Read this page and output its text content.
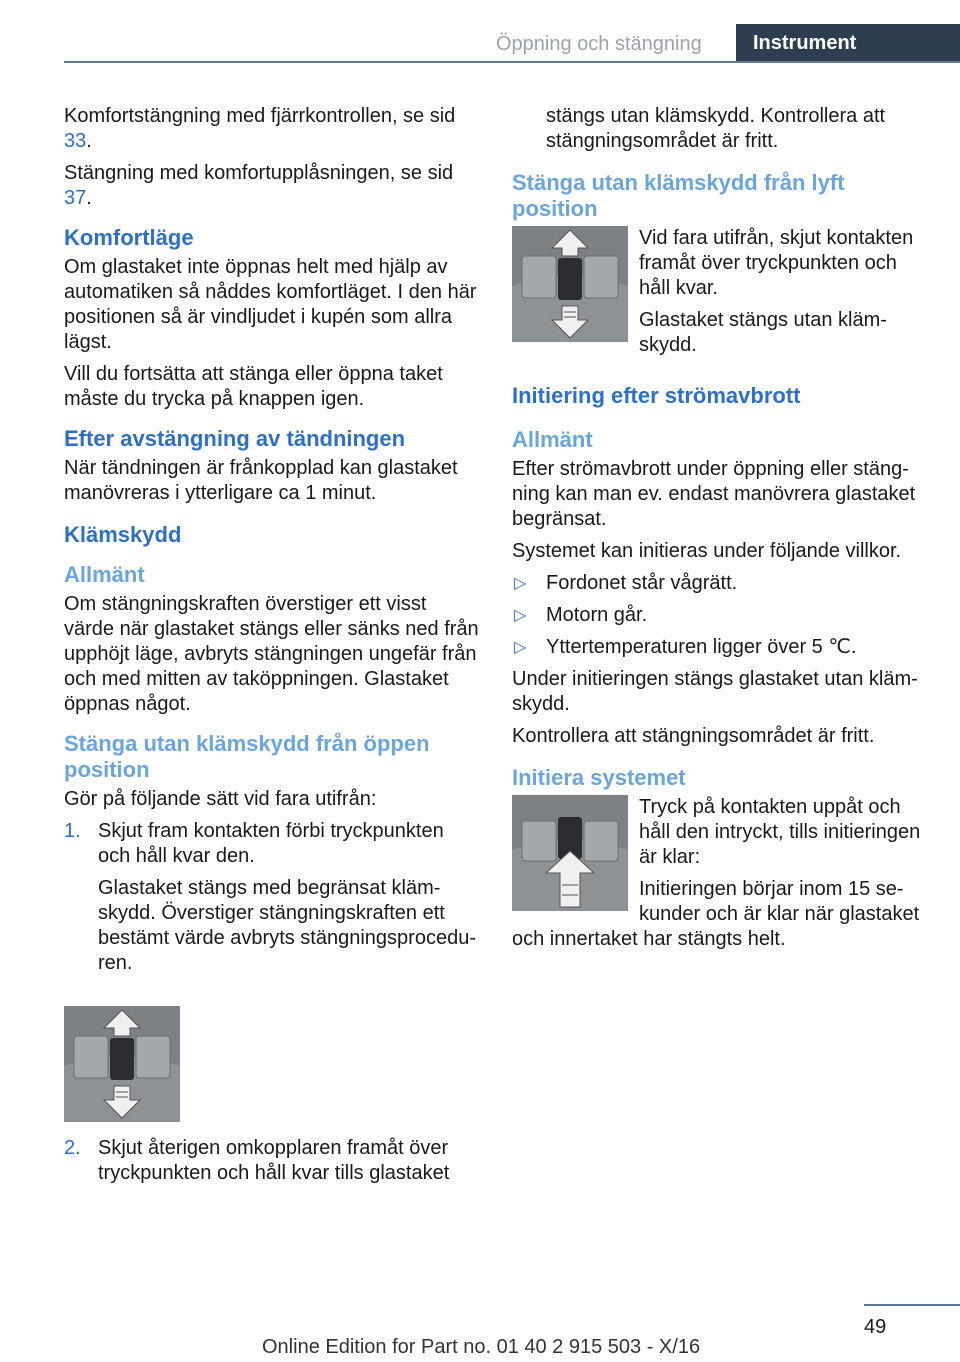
Öppning och stängning	Instrument

Komfortstängning med fjärrkontrollen, se sid 33.

Stängning med komfortupplåsningen, se sid 37.

Komfortläge

Om glastaket inte öppnas helt med hjälp av automatiken så nåddes komfortläget. I den här positionen så är vindljudet i kupén som allra lägst.

Vill du fortsätta att stänga eller öppna taket måste du trycka på knappen igen.

Efter avstängning av tändningen

När tändningen är frånkopplad kan glastaket manövreras i ytterligare ca 1 minut.

Klämskydd
Allmänt

Om stängningskraften överstiger ett visst värde när glastaket stängs eller sänks ned från upphöjt läge, avbryts stängningen ungefär från och med mitten av taköppningen. Glastaket öppnas något.

Stänga utan klämskydd från öppen position

Gör på följande sätt vid fara utifrån:

1. Skjut fram kontakten förbi tryckpunkten och håll kvar den.

Glastaket stängs med begränsat klämskydd. Överstiger stängningskraften ett bestämt värde avbryts stängningsproceduren.

2. Skjut återigen omkopplaren framåt över tryckpunkten och håll kvar tills glastaket

stängs utan klämskydd. Kontrollera att stängningsområdet är fritt.

Stänga utan klämskydd från lyft position

Vid fara utifrån, skjut kontakten framåt över tryckpunkten och håll kvar.

Glastaket stängs utan klämskydd.

Initiering efter strömavbrott
Allmänt

Efter strömavbrott under öppning eller stängning kan man ev. endast manövrera glastaket begränsat.

Systemet kan initieras under följande villkor.

▷ Fordonet står vågrätt.
▷ Motorn går.
▷ Yttertemperaturen ligger över 5 ℃.

Under initieringen stängs glastaket utan klämskydd.

Kontrollera att stängningsområdet är fritt.

Initiera systemet

Tryck på kontakten uppåt och håll den intryckt, tills initieringen är klar:

Initieringen börjar inom 15 sekunder och är klar när glastaket

och innertaket har stängts helt.

49
Online Edition for Part no. 01 40 2 915 503 - X/16
